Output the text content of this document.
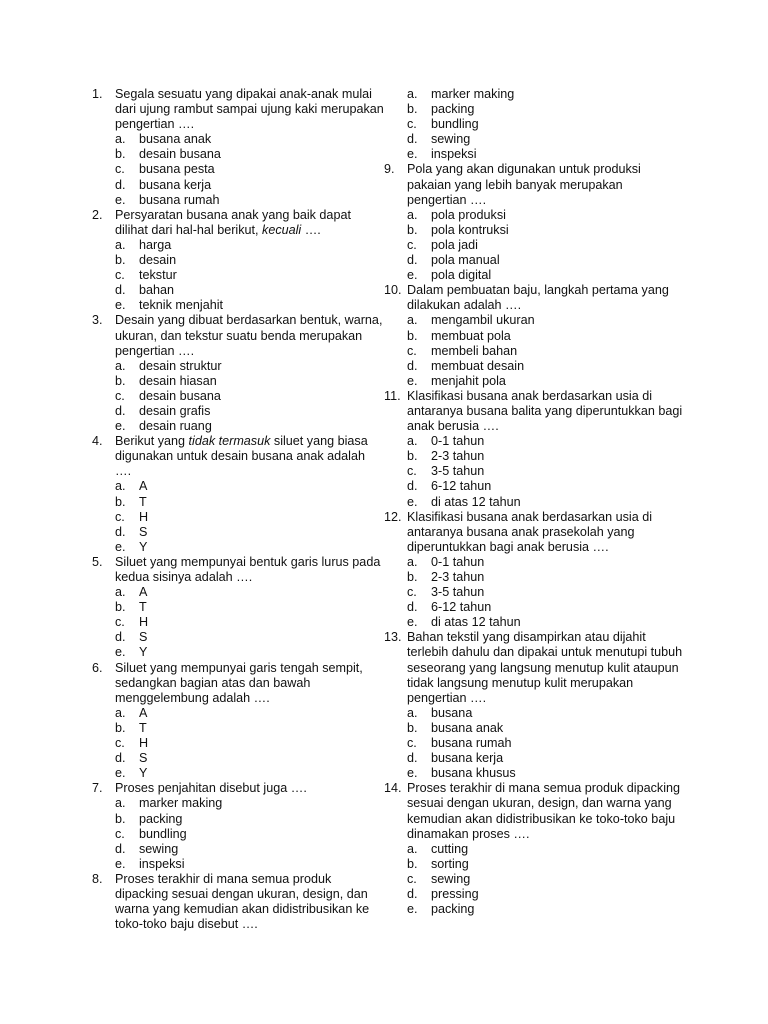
1. Segala sesuatu yang dipakai anak-anak mulai dari ujung rambut sampai ujung kaki merupakan pengertian ….
a. busana anak
b. desain busana
c. busana pesta
d. busana kerja
e. busana rumah
2. Persyaratan busana anak yang baik dapat dilihat dari hal-hal berikut, kecuali ….
a. harga
b. desain
c. tekstur
d. bahan
e. teknik menjahit
3. Desain yang dibuat berdasarkan bentuk, warna, ukuran, dan tekstur suatu benda merupakan pengertian ….
a. desain struktur
b. desain hiasan
c. desain busana
d. desain grafis
e. desain ruang
4. Berikut yang tidak termasuk siluet yang biasa digunakan untuk desain busana anak adalah ….
a. A
b. T
c. H
d. S
e. Y
5. Siluet yang mempunyai bentuk garis lurus pada kedua sisinya adalah ….
a. A
b. T
c. H
d. S
e. Y
6. Siluet yang mempunyai garis tengah sempit, sedangkan bagian atas dan bawah menggelembung adalah ….
a. A
b. T
c. H
d. S
e. Y
7. Proses penjahitan disebut juga ….
a. marker making
b. packing
c. bundling
d. sewing
e. inspeksi
8. Proses terakhir di mana semua produk dipacking sesuai dengan ukuran, design, dan warna yang kemudian akan didistribusikan ke toko-toko baju disebut ….
a. marker making
b. packing
c. bundling
d. sewing
e. inspeksi
9. Pola yang akan digunakan untuk produksi pakaian yang lebih banyak merupakan pengertian ….
a. pola produksi
b. pola kontruksi
c. pola jadi
d. pola manual
e. pola digital
10. Dalam pembuatan baju, langkah pertama yang dilakukan adalah ….
a. mengambil ukuran
b. membuat pola
c. membeli bahan
d. membuat desain
e. menjahit pola
11. Klasifikasi busana anak berdasarkan usia di antaranya busana balita yang diperuntukkan bagi anak berusia ….
a. 0-1 tahun
b. 2-3 tahun
c. 3-5 tahun
d. 6-12 tahun
e. di atas 12 tahun
12. Klasifikasi busana anak berdasarkan usia di antaranya busana anak prasekolah yang diperuntukkan bagi anak berusia ….
a. 0-1 tahun
b. 2-3 tahun
c. 3-5 tahun
d. 6-12 tahun
e. di atas 12 tahun
13. Bahan tekstil yang disampirkan atau dijahit terlebih dahulu dan dipakai untuk menutupi tubuh seseorang yang langsung menutup kulit ataupun tidak langsung menutup kulit merupakan pengertian ….
a. busana
b. busana anak
c. busana rumah
d. busana kerja
e. busana khusus
14. Proses terakhir di mana semua produk dipacking sesuai dengan ukuran, design, dan warna yang kemudian akan didistribusikan ke toko-toko baju dinamakan proses ….
a. cutting
b. sorting
c. sewing
d. pressing
e. packing
